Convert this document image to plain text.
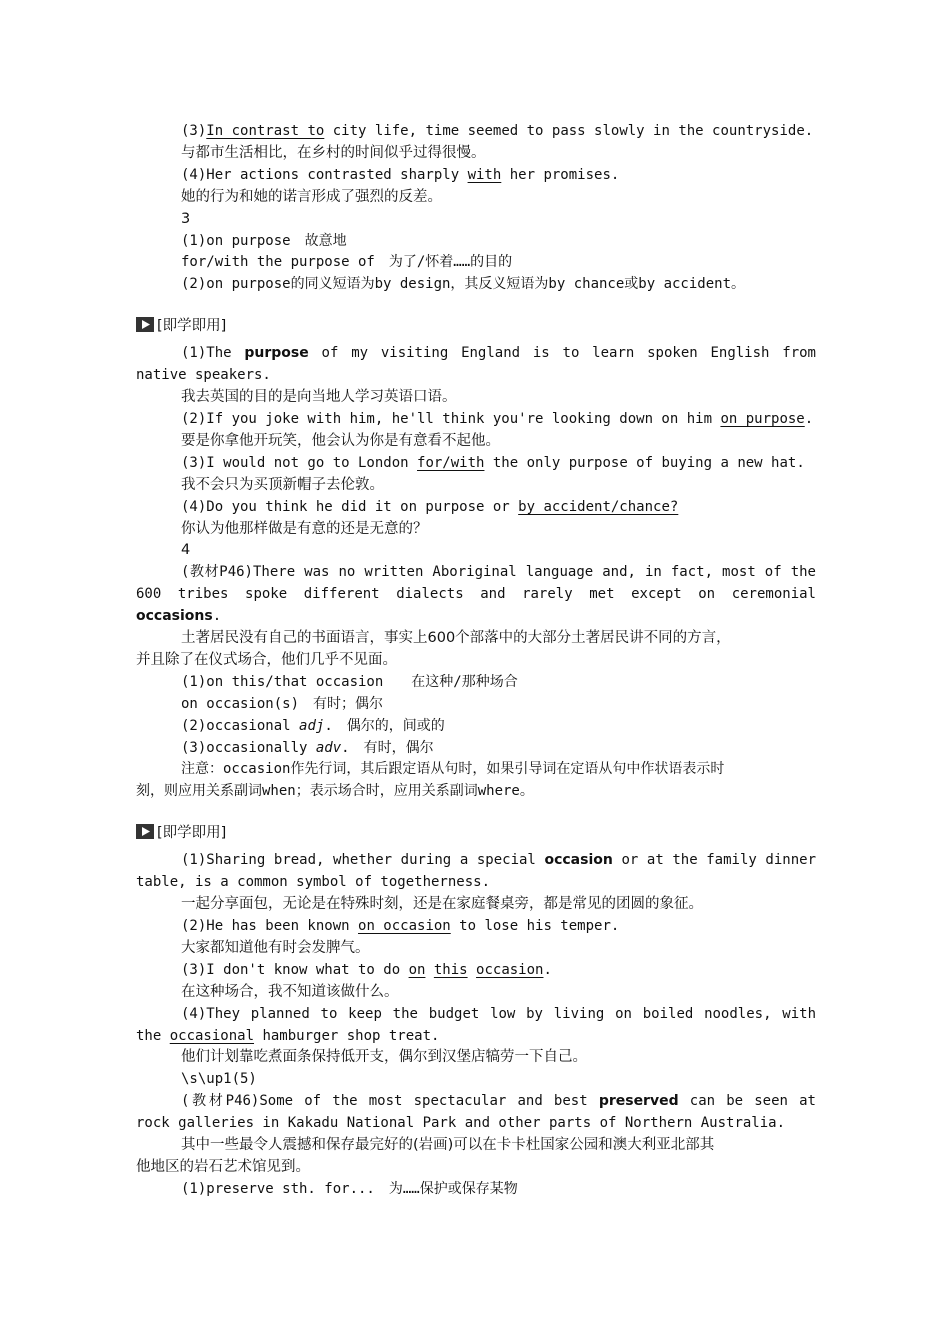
(3)In contrast to city life, time seemed to pass slowly in the countryside.
与都市生活相比，在乡村的时间似乎过得很慢。
(4)Her actions contrasted sharply with her promises.
她的行为和她的诺言形成了强烈的反差。
3
(1)on purpose　故意地
for/with the purpose of　为了/怀着……的目的
(2)on purpose的同义短语为by design，其反义短语为by chance或by accident。
[即学即用]
(1)The purpose of my visiting England is to learn spoken English from
native speakers.
我去英国的目的是向当地人学习英语口语。
(2)If you joke with him, he'll think you're looking down on him on purpose.
要是你拿他开玩笑，他会认为你是有意看不起他。
(3)I would not go to London for/with the only purpose of buying a new hat.
我不会只为买顶新帽子去伦敦。
(4)Do you think he did it on purpose or by accident/chance?
你认为他那样做是有意的还是无意的？
4
(教材P46)There was no written Aboriginal language and, in fact, most of the
600 tribes spoke different dialects and rarely met except on ceremonial
occasions.
土著居民没有自己的书面语言，事实上600个部落中的大部分土著居民讲不同的方言，
并且除了在仪式场合，他们几乎不见面。
(1)on this/that occasion　　在这种/那种场合
on occasion(s)　有时；偶尔
(2)occasional adj.　偶尔的，间或的
(3)occasionally adv.　有时，偶尔
注意：occasion作先行词，其后跟定语从句时，如果引导词在定语从句中作状语表示时
刻，则应用关系副词when；表示场合时，应用关系副词where。
[即学即用]
(1)Sharing bread, whether during a special occasion or at the family dinner
table, is a common symbol of togetherness.
一起分享面包，无论是在特殊时刻，还是在家庭餐桌旁，都是常见的团圆的象征。
(2)He has been known on occasion to lose his temper.
大家都知道他有时会发脾气。
(3)I don't know what to do on this occasion.
在这种场合，我不知道该做什么。
(4)They planned to keep the budget low by living on boiled noodles, with
the occasional hamburger shop treat.
他们计划靠吃煮面条保持低开支，偶尔到汉堡店犒劳一下自己。
\s\up1(5)
(教材P46)Some of the most spectacular and best preserved can be seen at
rock galleries in Kakadu National Park and other parts of Northern Australia.
其中一些最令人震撼和保存最完好的(岩画)可以在卡卡杜国家公园和澳大利亚北部其
他地区的岩石艺术馆见到。
(1)preserve sth. for...　为……保护或保存某物
